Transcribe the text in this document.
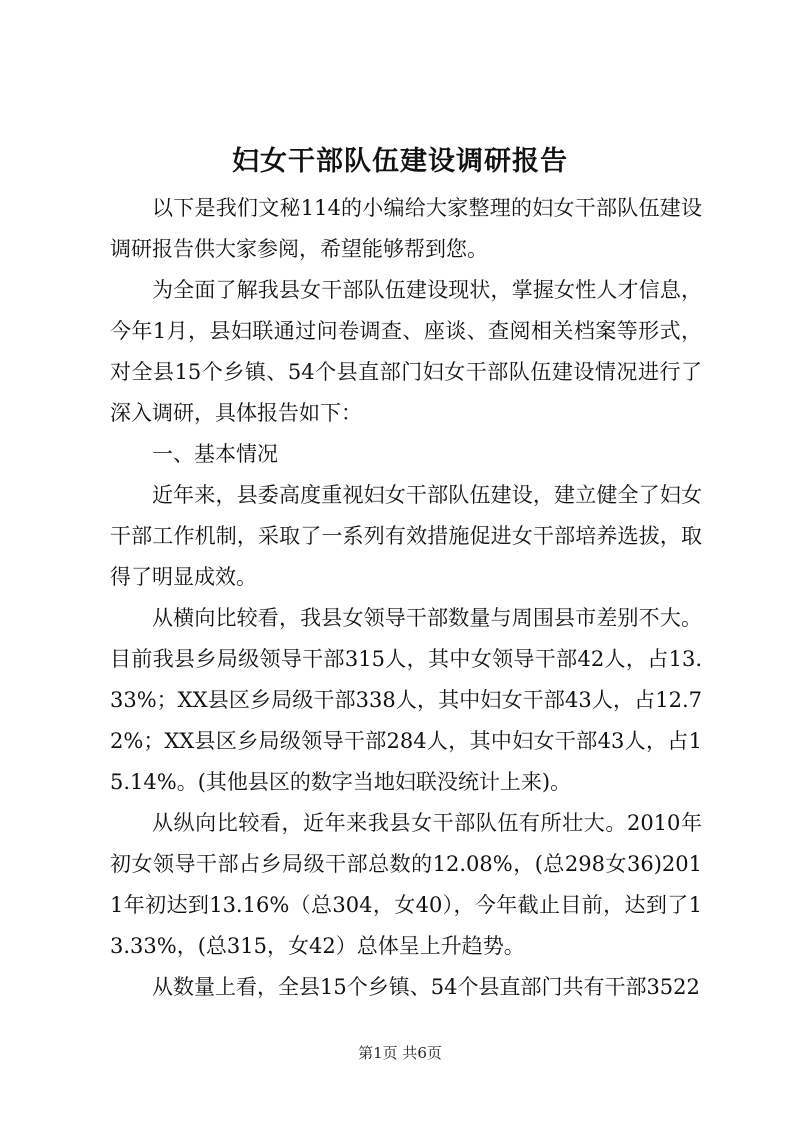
妇女干部队伍建设调研报告

以下是我们文秘114的小编给大家整理的妇女干部队伍建设调研报告供大家参阅，希望能够帮到您。

为全面了解我县女干部队伍建设现状，掌握女性人才信息，今年1月，县妇联通过问卷调查、座谈、查阅相关档案等形式，对全县15个乡镇、54个县直部门妇女干部队伍建设情况进行了深入调研，具体报告如下：

一、基本情况

近年来，县委高度重视妇女干部队伍建设，建立健全了妇女干部工作机制，采取了一系列有效措施促进女干部培养选拔，取得了明显成效。

从横向比较看，我县女领导干部数量与周围县市差别不大。目前我县乡局级领导干部315人，其中女领导干部42人，占13.33%；XX县区乡局级干部338人，其中妇女干部43人，占12.72%；XX县区乡局级领导干部284人，其中妇女干部43人，占15.14%。(其他县区的数字当地妇联没统计上来)。

从纵向比较看，近年来我县女干部队伍有所壮大。2010年初女领导干部占乡局级干部总数的12.08%，(总298女36)2011年初达到13.16%（总304，女40），今年截止目前，达到了13.33%，(总315，女42）总体呈上升趋势。

从数量上看，全县15个乡镇、54个县直部门共有干部3522

第1页 共6页
